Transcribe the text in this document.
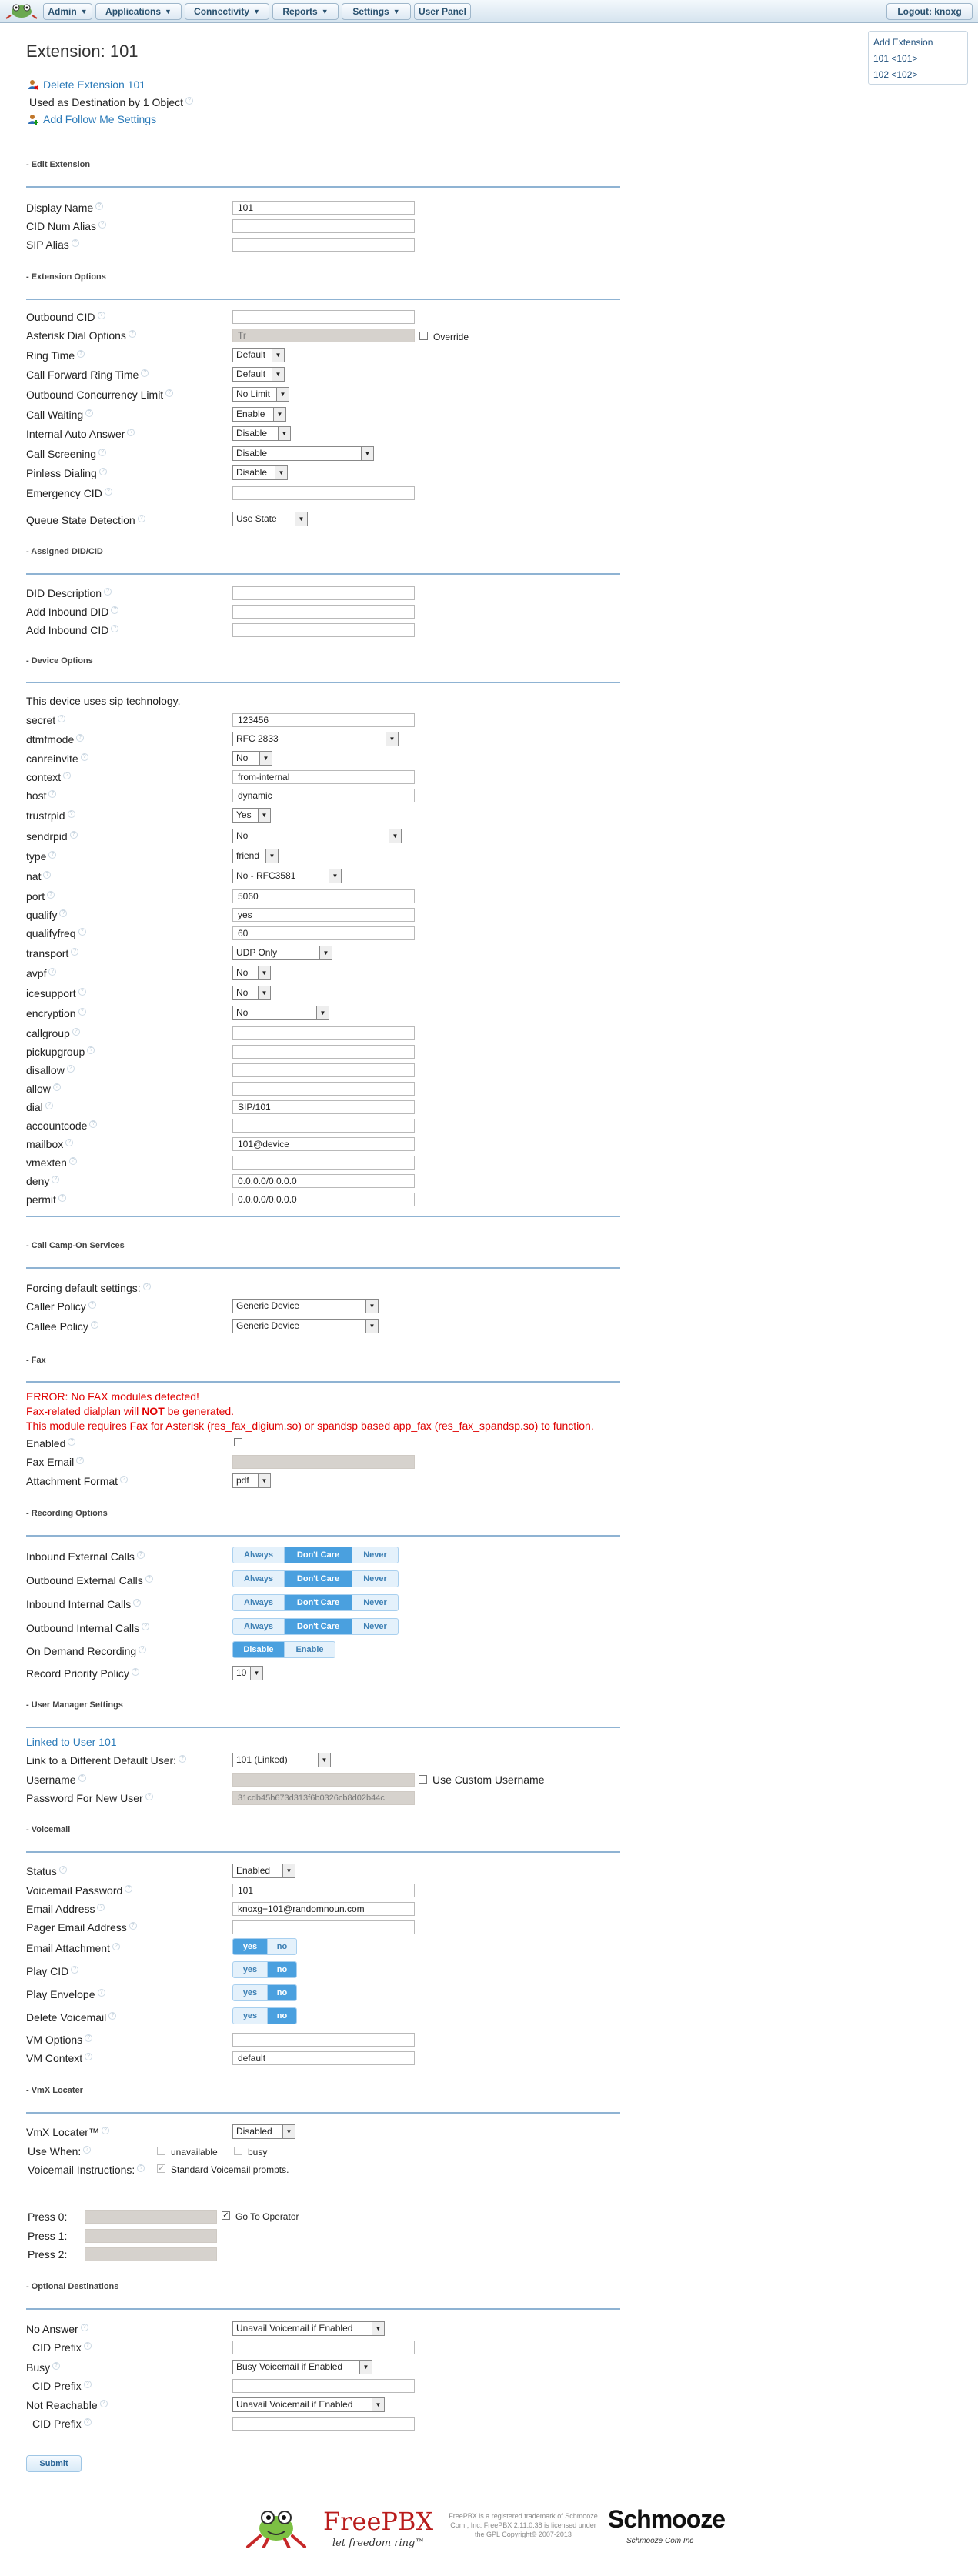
Admin ▼ Applications ▼ Connectivity ▼ Reports ▼	Settings ▼ User Panel	Logout: knoxg
Add Extension
101 <101>
102 <102>
Extension: 101
Delete Extension 101
Used as Destination by 1 Object ?
Add Follow Me Settings
- Edit Extension
Display Name ?	101
CID Num Alias ?
SIP Alias ?
- Extension Options
Outbound CID ?
Asterisk Dial Options ?	Tr	Override
Ring Time ?	Default ▼
Call Forward Ring Time ?	Default ▼
Outbound Concurrency Limit ?	No Limit ▼
Call Waiting ?	Enable ▼
Internal Auto Answer ?	Disable ▼
Call Screening ?	Disable ▼
Pinless Dialing ?	Disable ▼
Emergency CID ?
Queue State Detection ?	Use State ▼
- Assigned DID/CID
DID Description ?
Add Inbound DID ?
Add Inbound CID ?
- Device Options
This device uses sip technology.
secret ?	123456
dtmfmode ?	RFC 2833 ▼
canreinvite ?	No ▼
context ?	from-internal
host ?	dynamic
trustrpid ?	Yes ▼
sendrpid ?	No ▼
type ?	friend ▼
nat ?	No - RFC3581 ▼
port ?	5060
qualify ?	yes
qualifyfreq ?	60
transport ?	UDP Only ▼
avpf ?	No ▼
icesupport ?	No ▼
encryption ?	No ▼
callgroup ?
pickupgroup ?
disallow ?
allow ?
dial ?	SIP/101
accountcode ?
mailbox ?	101@device
vmexten ?
deny ?	0.0.0.0/0.0.0.0
permit ?	0.0.0.0/0.0.0.0
- Call Camp-On Services
Forcing default settings: ?
Caller Policy ?	Generic Device ▼
Callee Policy ?	Generic Device ▼
- Fax
ERROR: No FAX modules detected!
Fax-related dialplan will NOT be generated.
This module requires Fax for Asterisk (res_fax_digium.so) or spandsp based app_fax (res_fax_spandsp.so) to function.
Enabled ?
Fax Email ?
Attachment Format ?	pdf ▼
- Recording Options
Inbound External Calls ?	Always	Don't Care	Never
Outbound External Calls ?	Always	Don't Care	Never
Inbound Internal Calls ?	Always	Don't Care	Never
Outbound Internal Calls ?	Always	Don't Care	Never
On Demand Recording ?	Disable	Enable
Record Priority Policy ?	10 ▼
- User Manager Settings
Linked to User 101
Link to a Different Default User: ?	101 (Linked) ▼
Username ?	Use Custom Username
Password For New User ?	31cdb45b673d313f6b0326cb8d02b44c
- Voicemail
Status ?	Enabled ▼
Voicemail Password ?	101
Email Address ?	knoxg+101@randomnoun.com
Pager Email Address ?
Email Attachment ?	yes	no
Play CID ?	yes	no
Play Envelope ?	yes	no
Delete Voicemail ?	yes	no
VM Options ?
VM Context ?	default
- VmX Locater
VmX Locater™ ?	Disabled ▼
Use When: ?	unavailable	busy
Voicemail Instructions: ?	✓ Standard Voicemail prompts.
Press 0:	✓ Go To Operator
Press 1:
Press 2:
- Optional Destinations
No Answer ?	Unavail Voicemail if Enabled ▼
CID Prefix ?
Busy ?	Busy Voicemail if Enabled ▼
CID Prefix ?
Not Reachable ?	Unavail Voicemail if Enabled ▼
CID Prefix ?
Submit
FreePBX
let freedom ring™
FreePBX is a registered trademark of Schmooze Com., Inc. FreePBX 2.11.0.38 is licensed under the GPL Copyright© 2007-2013
Schmooze
Schmooze Com Inc
